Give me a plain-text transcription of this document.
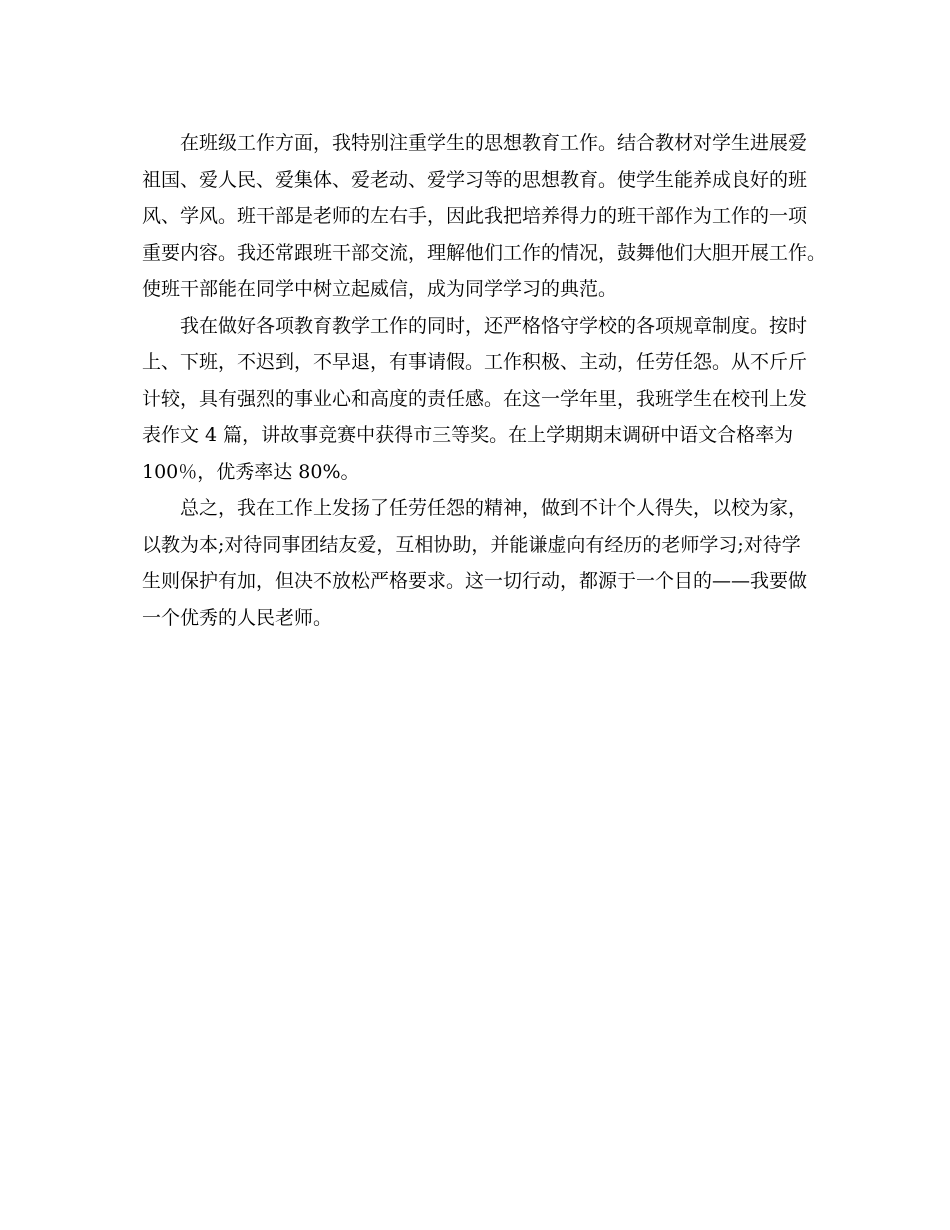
在班级工作方面，我特别注重学生的思想教育工作。结合教材对学生进展爱
祖国、爱人民、爱集体、爱老动、爱学习等的思想教育。使学生能养成良好的班
风、学风。班干部是老师的左右手，因此我把培养得力的班干部作为工作的一项
重要内容。我还常跟班干部交流，理解他们工作的情况，鼓舞他们大胆开展工作。
使班干部能在同学中树立起威信，成为同学学习的典范。
我在做好各项教育教学工作的同时，还严格恪守学校的各项规章制度。按时
上、下班，不迟到，不早退，有事请假。工作积极、主动，任劳任怨。从不斤斤
计较，具有强烈的事业心和高度的责任感。在这一学年里，我班学生在校刊上发
表作文 4 篇，讲故事竞赛中获得市三等奖。在上学期期末调研中语文合格率为
100％，优秀率达 80%。
总之，我在工作上发扬了任劳任怨的精神，做到不计个人得失，以校为家，
以教为本;对待同事团结友爱，互相协助，并能谦虚向有经历的老师学习;对待学
生则保护有加，但决不放松严格要求。这一切行动，都源于一个目的——我要做
一个优秀的人民老师。
